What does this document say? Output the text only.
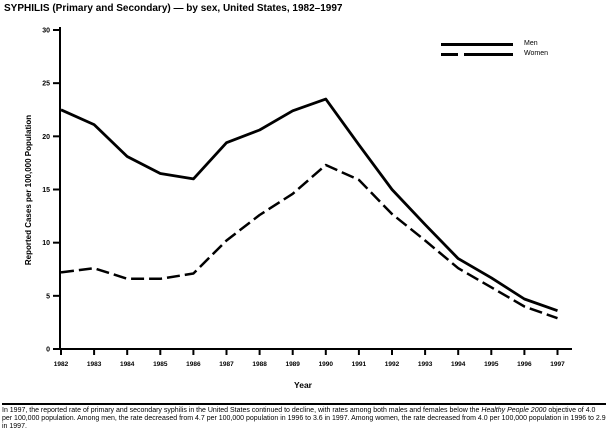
SYPHILIS (Primary and Secondary) — by sex, United States, 1982–1997
0
5
10
15
20
25
30
1982	1983	1984	1985	1986	1987	1988	1989	1990	1991	1992	1993	1994	1995	1996	1997
Reported Cases per 100,000 Population
Year
Men
Women
In 1997, the reported rate of primary and secondary syphilis in the United States continued to decline, with rates among both males and females below the Healthy People 2000 objective of 4.0 per 100,000 population. Among men, the rate decreased from 4.7 per 100,000 population in 1996 to 3.6 in 1997. Among women, the rate decreased from 4.0 per 100,000 population in 1996 to 2.9 in 1997.
